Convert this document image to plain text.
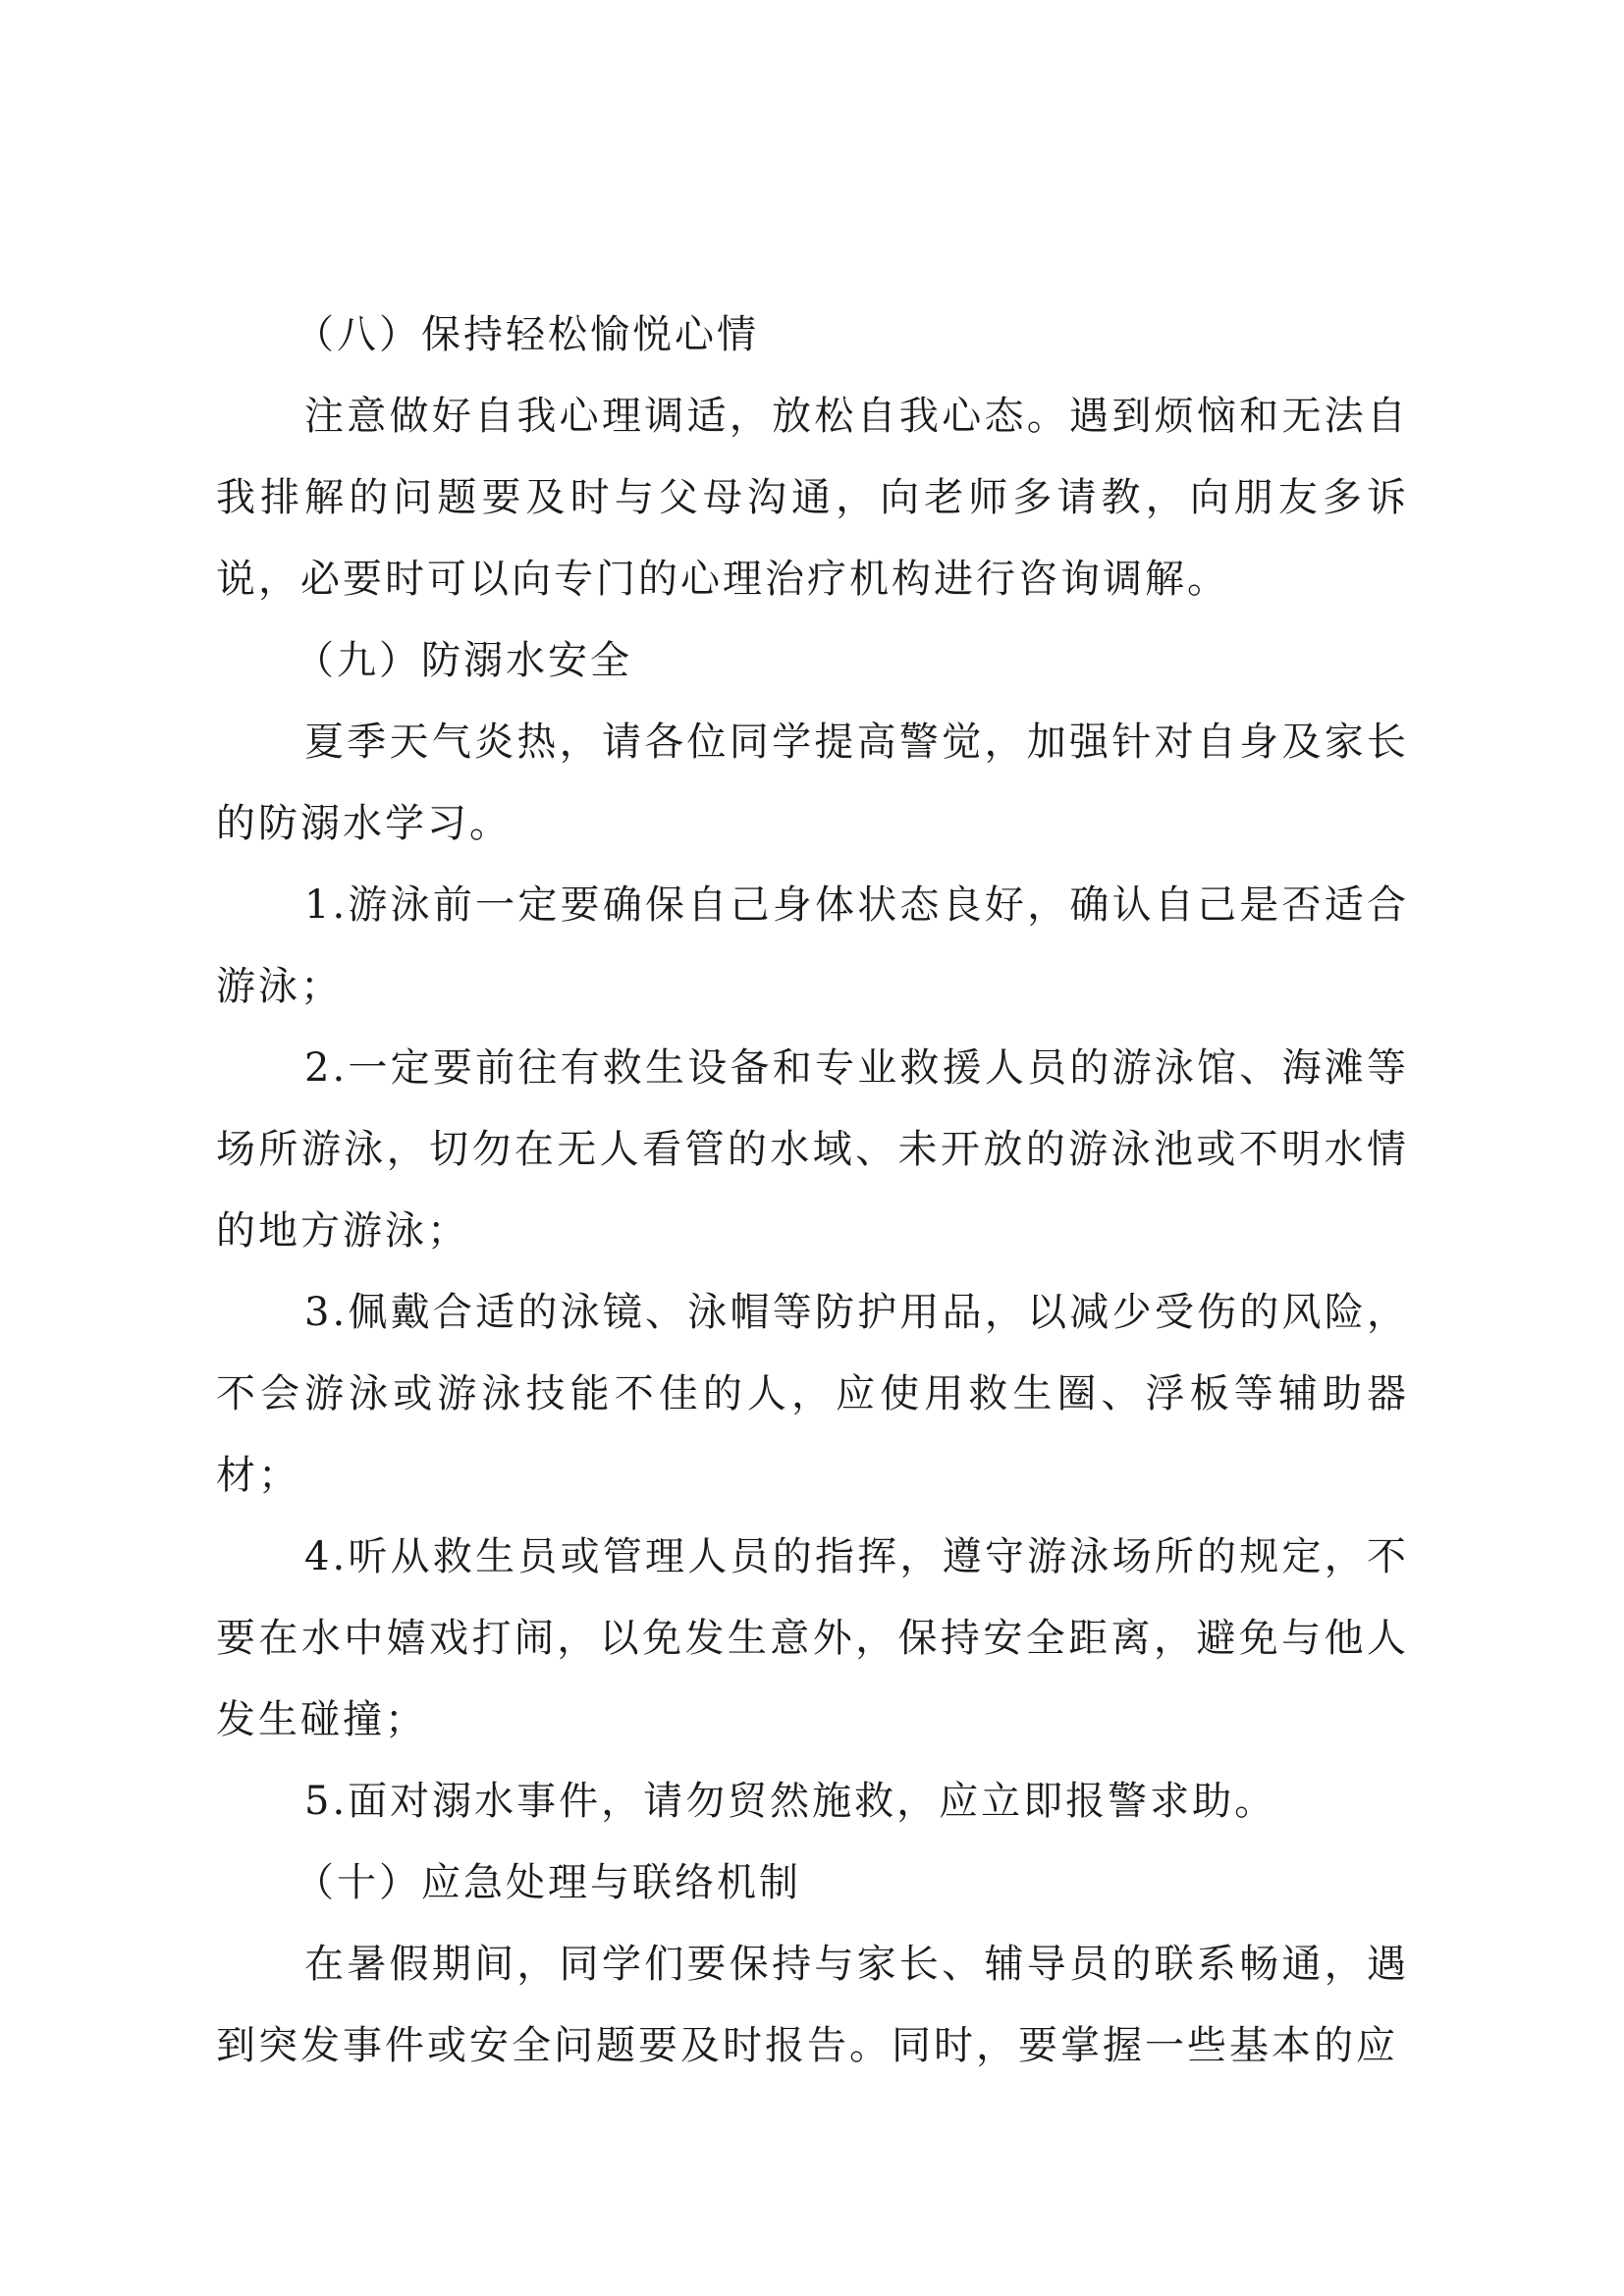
（八）保持轻松愉悦心情

注意做好自我心理调适，放松自我心态。遇到烦恼和无法自我排解的问题要及时与父母沟通，向老师多请教，向朋友多诉说，必要时可以向专门的心理治疗机构进行咨询调解。

（九）防溺水安全

夏季天气炎热，请各位同学提高警觉，加强针对自身及家长的防溺水学习。

1.游泳前一定要确保自己身体状态良好，确认自己是否适合游泳；

2.一定要前往有救生设备和专业救援人员的游泳馆、海滩等场所游泳，切勿在无人看管的水域、未开放的游泳池或不明水情的地方游泳；

3.佩戴合适的泳镜、泳帽等防护用品，以减少受伤的风险，不会游泳或游泳技能不佳的人，应使用救生圈、浮板等辅助器材；

4.听从救生员或管理人员的指挥，遵守游泳场所的规定，不要在水中嬉戏打闹，以免发生意外，保持安全距离，避免与他人发生碰撞；

5.面对溺水事件，请勿贸然施救，应立即报警求助。

（十）应急处理与联络机制

在暑假期间，同学们要保持与家长、辅导员的联系畅通，遇到突发事件或安全问题要及时报告。同时，要掌握一些基本的应
